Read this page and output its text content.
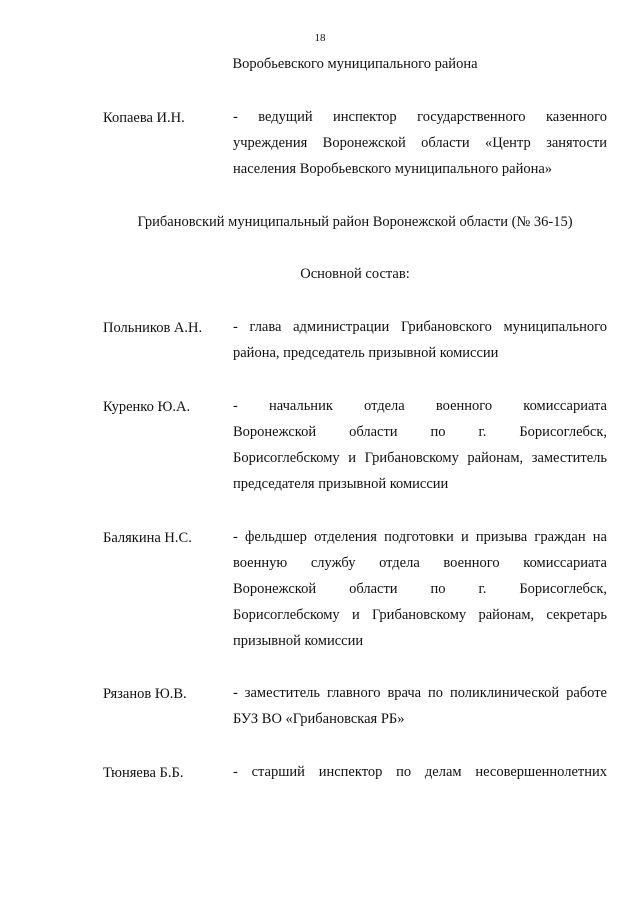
18
Воробьевского муниципального района
Копаева И.Н.	- ведущий инспектор государственного казенного
учреждения Воронежской области «Центр занятости
населения Воробьевского муниципального района»
Грибановский муниципальный район Воронежской области (№ 36-15)
Основной состав:
Польников А.Н. - глава администрации Грибановского муниципального
района, председатель призывной комиссии
Куренко Ю.А.	- начальник отдела военного комиссариата
Воронежской области по г. Борисоглебск,
Борисоглебскому и Грибановскому районам, заместитель
председателя призывной комиссии
Балякина Н.С.	- фельдшер отделения подготовки и призыва граждан на
военную службу отдела военного комиссариата
Воронежской области по г. Борисоглебск,
Борисоглебскому и Грибановскому районам, секретарь
призывной комиссии
Рязанов Ю.В.	- заместитель главного врача по поликлинической работе
БУЗ ВО «Грибановская РБ»
Тюняева Б.Б.	- старший инспектор по делам несовершеннолетних
